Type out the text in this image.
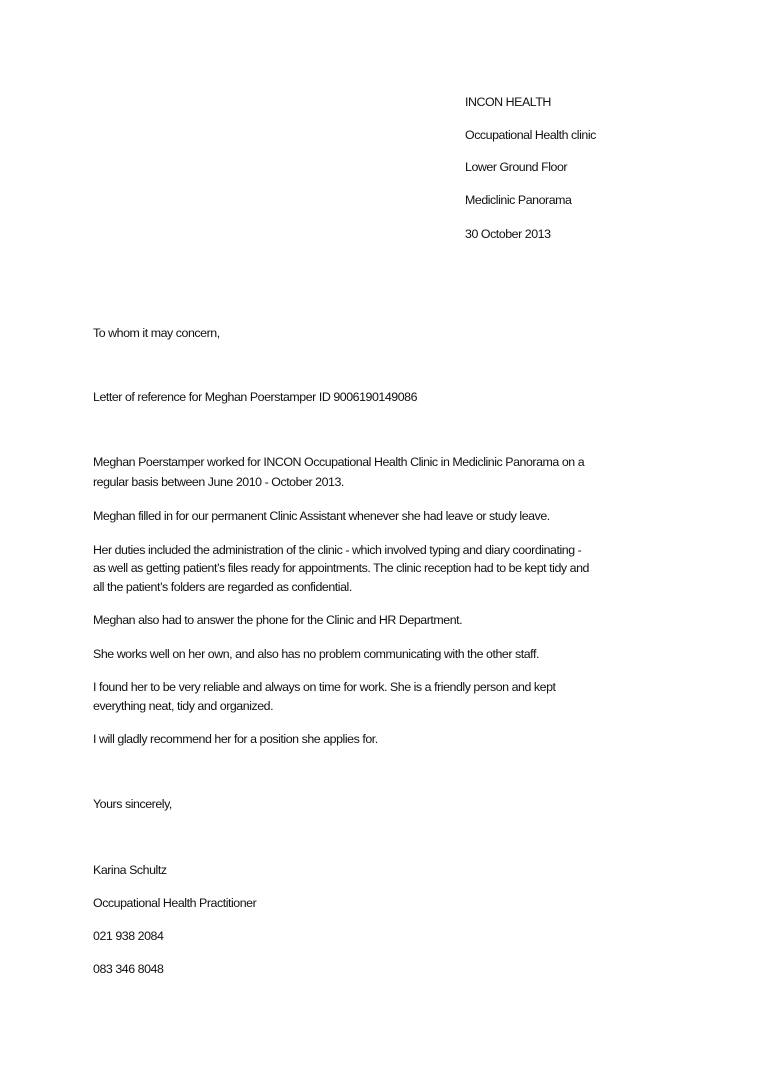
INCON HEALTH
Occupational Health clinic
Lower Ground Floor
Mediclinic Panorama
30 October 2013
To whom it may concern,
Letter of reference for Meghan Poerstamper ID 9006190149086
Meghan Poerstamper worked for INCON Occupational Health Clinic in Mediclinic Panorama on a
regular basis between June 2010 - October 2013.
Meghan filled in for our permanent Clinic Assistant whenever she had leave or study leave.
Her duties included the administration of the clinic - which involved typing and diary coordinating -
as well as getting patient’s files ready for appointments. The clinic reception had to be kept tidy and
all the patient’s folders are regarded as confidential.
Meghan also had to answer the phone for the Clinic and HR Department.
She works well on her own, and also has no problem communicating with the other staff.
I found her to be very reliable and always on time for work. She is a friendly person and kept
everything neat, tidy and organized.
I will gladly recommend her for a position she applies for.
Yours sincerely,
Karina Schultz
Occupational Health Practitioner
021 938 2084
083 346 8048
